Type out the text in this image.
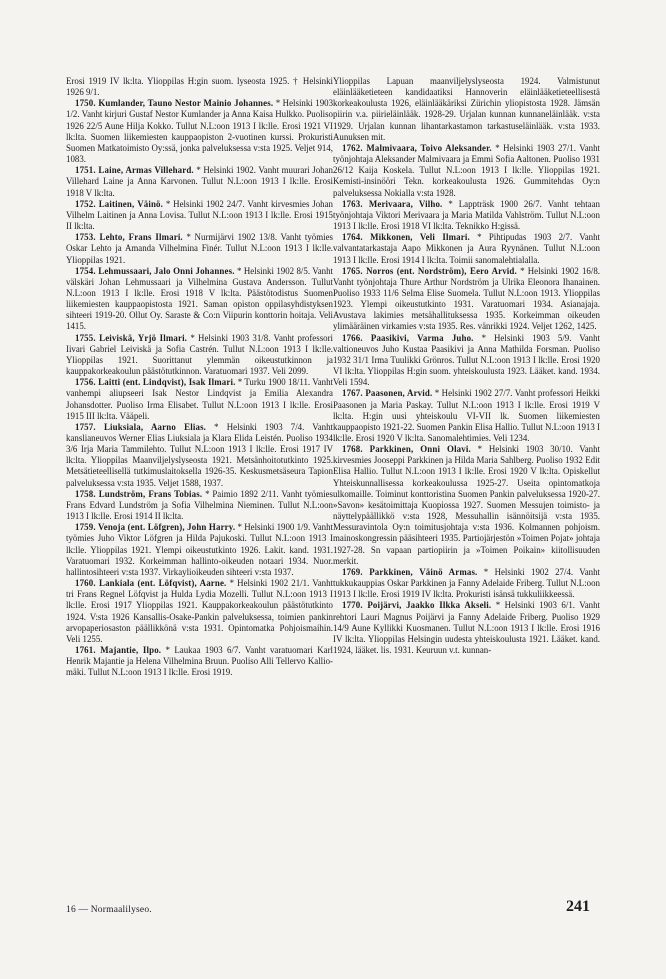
Erosi 1919 IV lk:lta. Ylioppilas H:gin suom. lyseosta 1925. † Helsinki 1926 9/1.

1750. Kumlander, Tauno Nestor Mainio Johannes. * Helsinki 1903 1/2. Vanht kirjuri Gustaf Nestor Kumlander ja Anna Kaisa Hulkko. Puoliso 1926 22/5 Aune Hilja Kokko. Tullut N.L:oon 1913 I lk:lle. Erosi 1921 VI lk:lta. Suomen liikemiesten kauppaopiston 2-vuotinen kurssi. Prokuristi Suomen Matkatoimisto Oy:ssä, jonka palveluksessa v:sta 1925. Veljet 914, 1083.

1751. Laine, Armas Villehard. * Helsinki 1902. Vanht muurari Johan Villehard Laine ja Anna Karvonen. Tullut N.L:oon 1913 I lk:lle. Erosi 1918 V lk:lta.

1752. Laitinen, Väinö. * Helsinki 1902 24/7. Vanht kirvesmies Johan Vilhelm Laitinen ja Anna Lovisa. Tullut N.L:oon 1913 I lk:lle. Erosi 1915 II lk:lta.

1753. Lehto, Frans Ilmari. * Nurmijärvi 1902 13/8. Vanht työmies Oskar Lehto ja Amanda Vilhelmina Finér. Tullut N.L:oon 1913 I lk:lle. Ylioppilas 1921.

1754. Lehmussaari, Jalo Onni Johannes. * Helsinki 1902 8/5. Vanht välskäri Johan Lehmussaari ja Vilhelmina Gustava Andersson. Tullut N.L:oon 1913 I lk:lle. Erosi 1918 V lk:lta. Päästötodistus Suomen liikemiesten kauppaopistosta 1921. Saman opiston oppilasyhdistyksen sihteeri 1919-20. Ollut Oy. Saraste & Co:n Viipurin konttorin hoitaja. Veli 1415.

1755. Leiviskä, Yrjö Ilmari. * Helsinki 1903 31/8. Vanht professori Iivari Gabriel Leiviskä ja Sofia Castrén. Tullut N.L:oon 1913 I lk:lle. Ylioppilas 1921. Suorittanut ylemmän oikeustutkinnon ja kauppakorkeakoulun päästötutkinnon. Varatuomari 1937. Veli 2099.

1756. Laitti (ent. Lindqvist), Isak Ilmari. * Turku 1900 18/11. Vanht vanhempi aliupseeri Isak Nestor Lindqvist ja Emilia Alexandra Johansdotter. Puoliso Irma Elisabet. Tullut N.L:oon 1913 I lk:lle. Erosi 1915 III lk:lta. Vääpeli.

1757. Liuksiala, Aarno Elias. * Helsinki 1903 7/4. Vanht kanslianeuvos Werner Elias Liuksiala ja Klara Elida Leistén. Puoliso 1934 3/6 Irja Maria Tammilehto. Tullut N.L:oon 1913 I lk:lle. Erosi 1917 IV lk:lta. Ylioppilas Maanviljelyslyseosta 1921. Metsänhoitotutkinto 1925. Metsätieteellisellä tutkimuslaitoksella 1926-35. Keskusmetsäseura Tapion palveluksessa v:sta 1935. Veljet 1588, 1937.

1758. Lundström, Frans Tobias. * Paimio 1892 2/11. Vanht työmies Frans Edvard Lundström ja Sofia Vilhelmina Nieminen. Tullut N.L:oon 1913 I lk:lle. Erosi 1914 II lk:lta.

1759. Venoja (ent. Löfgren), John Harry. * Helsinki 1900 1/9. Vanht työmies Juho Viktor Löfgren ja Hilda Pajukoski. Tullut N.L:oon 1913 I lk:lle. Ylioppilas 1921. Ylempi oikeustutkinto 1926. Lakit. kand. 1931. Varatuomari 1932. Korkeimman hallinto-oikeuden notaari 1934. Nuor. hallintosihteeri v:sta 1937. Virkaylioikeuden sihteeri v:sta 1937.

1760. Lankiala (ent. Löfqvist), Aarne. * Helsinki 1902 21/1. Vanht tri Frans Regnel Löfqvist ja Hulda Lydia Mozelli. Tullut N.L:oon 1913 I lk:lle. Erosi 1917 Ylioppilas 1921. Kauppakorkeakoulun päästötutkinto 1924. V:sta 1926 Kansallis-Osake-Pankin palveluksessa, toimien pankin arvopaperiosaston päällikkönä v:sta 1931. Opintomatka Pohjoismaihin. Veli 1255.

1761. Majantie, Ilpo. * Laukaa 1903 6/7. Vanht varatuomari Karl Henrik Majantie ja Helena Vilhelmina Bruun. Puoliso Alli Tellervo Kallio-mäki. Tullut N.L:oon 1913 I lk:lle. Erosi 1919.

Ylioppilas Lapuan maanviljelyslyseosta 1924. Valmistunut eläinlääketieteen kandidaatiksi Hannoverin eläinlääketieteellisestä korkeakoulusta 1926, eläinlääkäriksi Zürichin yliopistosta 1928. Jämsän piirin v.a. piirieläinlääk. 1928-29. Urjalan kunnan kunnaneläinlääk. v:sta 1929. Urjalan kunnan lihantarkastamon tarkastuseläinlääk. v:sta 1933. Aunuksen mit.

1762. Malmivaara, Toivo Aleksander. * Helsinki 1903 27/1. Vanht työnjohtaja Aleksander Malmivaara ja Emmi Sofia Aaltonen. Puoliso 1931 26/12 Kaija Koskela. Tullut N.L:oon 1913 I lk:lle. Ylioppilas 1921. Kemisti-insinööri Tekn. korkeakoulusta 1926. Gummitehdas Oy:n palveluksessa Nokialla v:sta 1928.

1763. Merivaara, Vilho. * Lappträsk 1900 26/7. Vanht tehtaan työnjohtaja Viktori Merivaara ja Maria Matilda Vahlström. Tullut N.L:oon 1913 I lk:lle. Erosi 1918 VI lk:lta. Teknikko H:gissä.

1764. Mikkonen, Veli Ilmari. * Pihtipudas 1903 2/7. Vanht valvantatarkastaja Aapo Mikkonen ja Aura Ryynänen. Tullut N.L:oon 1913 I lk:lle. Erosi 1914 I lk:lta. Toimii sanomalehtialalla.

1765. Norros (ent. Nordström), Eero Arvid. * Helsinki 1902 16/8. Vanht työnjohtaja Thure Arthur Nordström ja Ulrika Eleonora Ihanainen. Puoliso 1933 11/6 Selma Elise Suomela. Tullut N.L:oon 1913. Ylioppilas 1923. Ylempi oikeustutkinto 1931. Varatuomari 1934. Asianajaja. Avustava lakimies metsähallituksessa 1935. Korkeimman oikeuden ylimääräinen virkamies v:sta 1935. Res. vänrikki 1924. Veljet 1262, 1425.

1766. Paasikivi, Varma Juho. * Helsinki 1903 5/9. Vanht valtioneuvos Juho Kustaa Paasikivi ja Anna Mathilda Forsman. Puoliso 1932 31/1 Irma Tuulikki Grönros. Tullut N.L:oon 1913 I lk:lle. Erosi 1920 VI lk:lta. Ylioppilas H:gin suom. yhteiskoulusta 1923. Lääket. kand. 1934. Veli 1594.

1767. Paasonen, Arvid. * Helsinki 1902 27/7. Vanht professori Heikki Paasonen ja Maria Paskay. Tullut N.L:oon 1913 I lk:lle. Erosi 1919 V lk:lta. H:gin uusi yhteiskoulu VI-VII lk. Suomen liikemiesten kauppaopisto 1921-22. Suomen Pankin Elisa Hallio. Tullut N.L:oon 1913 I lk:lle. Erosi 1920 V lk:lta. Sanomalehtimies. Veli 1234.

1768. Parkkinen, Onni Olavi. * Helsinki 1903 30/10. Vanht kirvesmies Jooseppi Parkkinen ja Hilda Maria Sahlberg. Puoliso 1932 Edit Elisa Hallio. Tullut N.L:oon 1913 I lk:lle. Erosi 1920 V lk:lta. Opiskellut Yhteiskunnallisessa korkeakoulussa 1925-27. Useita opintomatkoja ulkomaille. Toiminut konttoristina Suomen Pankin palveluksessa 1920-27. »Savon» kesätoimittaja Kuopiossa 1927. Suomen Messujen toimisto- ja näyttelypäällikkö v:sta 1928, Messuhallin isännöitsijä v:sta 1935. Messuravintola Oy:n toimitusjohtaja v:sta 1936. Kolmannen pohjoism. mainoskongressin pääsihteeri 1935. Partiojärjestön »Toimen Pojat» johtaja 1927-28. Sn vapaan partiopiirin ja »Toimen Poikain» kiitollisuuden merkit.

1769. Parkkinen, Väinö Armas. * Helsinki 1902 27/4. Vanht tukkukauppias Oskar Parkkinen ja Fanny Adelaide Friberg. Tullut N.L:oon 1913 I lk:lle. Erosi 1919 IV lk:lta. Prokuristi isänsä tukkuliikkeessä.

1770. Poijärvi, Jaakko Ilkka Akseli. * Helsinki 1903 6/1. Vanht rehtori Lauri Magnus Poijärvi ja Fanny Adelaide Friberg. Puoliso 1929 14/9 Aune Kyllikki Kuosmanen. Tullut N.L:oon 1913 I lk:lle. Erosi 1916 IV lk:lta. Ylioppilas Helsingin uudesta yhteiskoulusta 1921. Lääket. kand. 1924, lääket. lis. 1931. Keuruun v.t. kunnan-

16 — Normaalilyseo.	241
